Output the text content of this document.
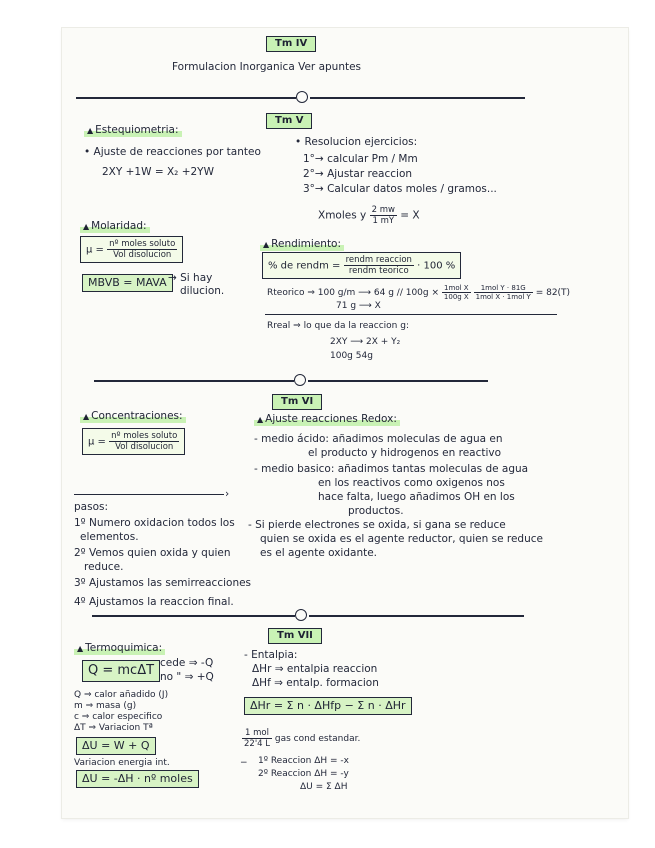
Tm IV
Formulacion Inorganica Ver apuntes
Tm V
▲ Estequiometria:
• Ajuste de reacciones por tanteo
2XY +1W = X₂ +2YW
• Resolucion ejercicios:
1°→ calcular Pm / Mm
2°→ Ajustar reaccion
3°→ Calcular datos moles / gramos...
Xmoles y $\frac{2 mw}{1 mY} = X$
▲ Molaridad:
$\mu = \frac{\text{nº moles soluto}}{\text{Vol disolucion}}$
MBVB = MAVA → Si hay
dilucion.
▲ Rendimiento:
% de rendm = $\frac{\text{rendm reaccion}}{\text{rendm teorico}} \cdot 100$ %
Rteorico ⇒ 100 g/m ⟶ 64 $g // 100g \times \frac{\text{1mol X}}{\text{100g X}}$
$\frac{\text{1mol Y · 81G}}{\text{1mol X · 1mol Y}} = 82(T)$
71 g ⟶ X
Rreal ⇒ lo que da la reaccion g:
2XY ⟶ 2X + Y₂
100g 54g
Tm VI
▲ Concentraciones:
$\mu = \frac{\text{nº moles soluto}}{\text{Vol disolucion}}$
›
pasos:
1º Numero oxidacion todos los
elementos.
2º Vemos quien oxida y quien
reduce.
3º Ajustamos las semirreacciones
4º Ajustamos la reaccion final.
▲ Ajuste reacciones Redox:
- medio ácido: añadimos moleculas de agua en
el producto y hidrogenos en reactivo
- medio basico: añadimos tantas moleculas de agua
en los reactivos como oxigenos nos
hace falta, luego añadimos OH en los
productos.
- Si pierde electrones se oxida, si gana se reduce
quien se oxida es el agente reductor, quien se reduce
es el agente oxidante.
Tm VII
▲ Termoquimica:
Q = mcΔT cede ⇒ -Q
no " ⇒ +Q
Q ⇒ calor añadido (J)
m ⇒ masa (g)
c ⇒ calor especifico
ΔT ⇒ Variacion Tª
ΔU = W + Q
Variacion energia int.
ΔU = -ΔH · nº moles
- Entalpia:
ΔHr ⇒ entalpia reaccion
ΔHf ⇒ entalp. formacion
ΔHr = Σ n · ΔHfp − Σ n · ΔHr
$\frac{\text{1 mol}}{22'4 L}$ gas cond estandar.
− 1º Reaccion ΔH = -x
2º Reaccion ΔH = -y
ΔU = Σ ΔH
